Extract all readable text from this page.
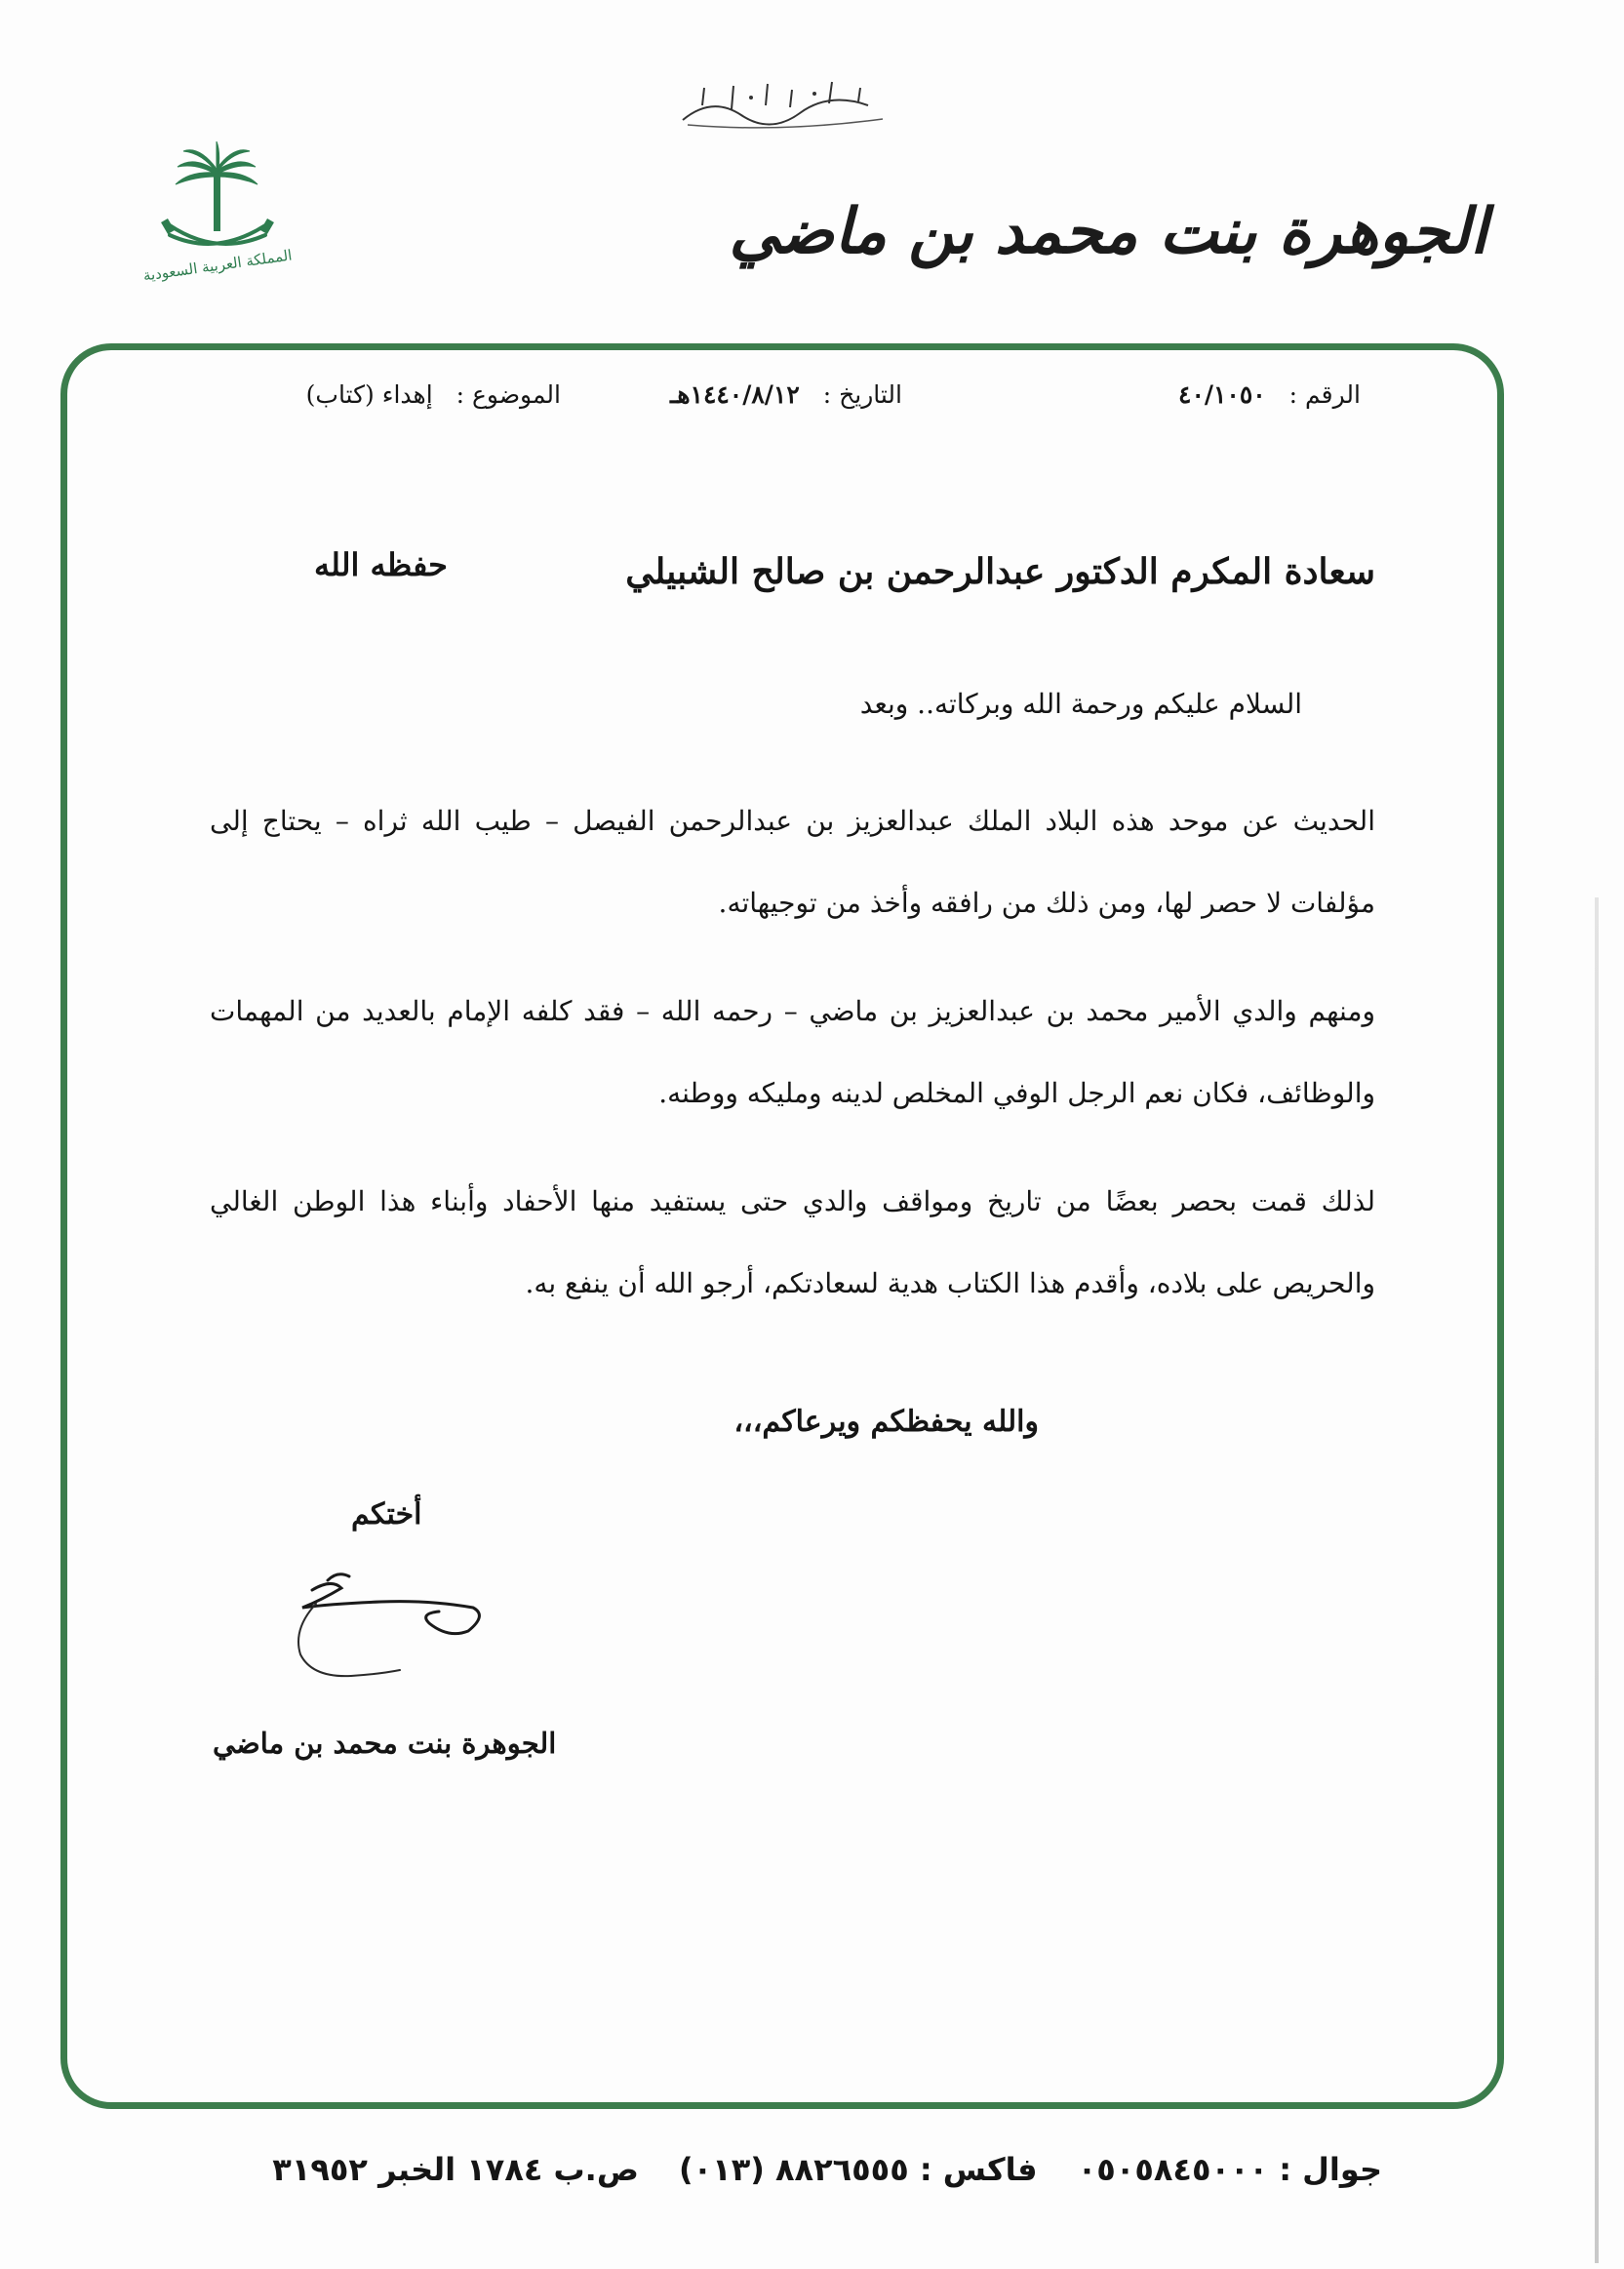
المملكة العربية السعودية	الجوهرة بنت محمد بن ماضي
الرقم : ٤٠/١٠٥٠
التاريخ : ١٤٤٠/٨/١٢هـ
الموضوع : إهداء (كتاب)
سعادة المكرم الدكتور عبدالرحمن بن صالح الشبيلي
حفظه الله
السلام عليكم ورحمة الله وبركاته.. وبعد
الحديث عن موحد هذه البلاد الملك عبدالعزيز بن عبدالرحمن الفيصل – طيب الله ثراه – يحتاج إلى مؤلفات لا حصر لها، ومن ذلك من رافقه وأخذ من توجيهاته.
ومنهم والدي الأمير محمد بن عبدالعزيز بن ماضي – رحمه الله – فقد كلفه الإمام بالعديد من المهمات والوظائف، فكان نعم الرجل الوفي المخلص لدينه ومليكه ووطنه.
لذلك قمت بحصر بعضًا من تاريخ ومواقف والدي حتى يستفيد منها الأحفاد وأبناء هذا الوطن الغالي والحريص على بلاده، وأقدم هذا الكتاب هدية لسعادتكم، أرجو الله أن ينفع به.
والله يحفظكم ويرعاكم،،،
أختكم
الجوهرة بنت محمد بن ماضي
جوال : ٠٥٠٥٨٤٥٠٠٠ فاكس : ٨٨٢٦٥٥٥ (٠١٣) ص.ب ١٧٨٤ الخبر ٣١٩٥٢
